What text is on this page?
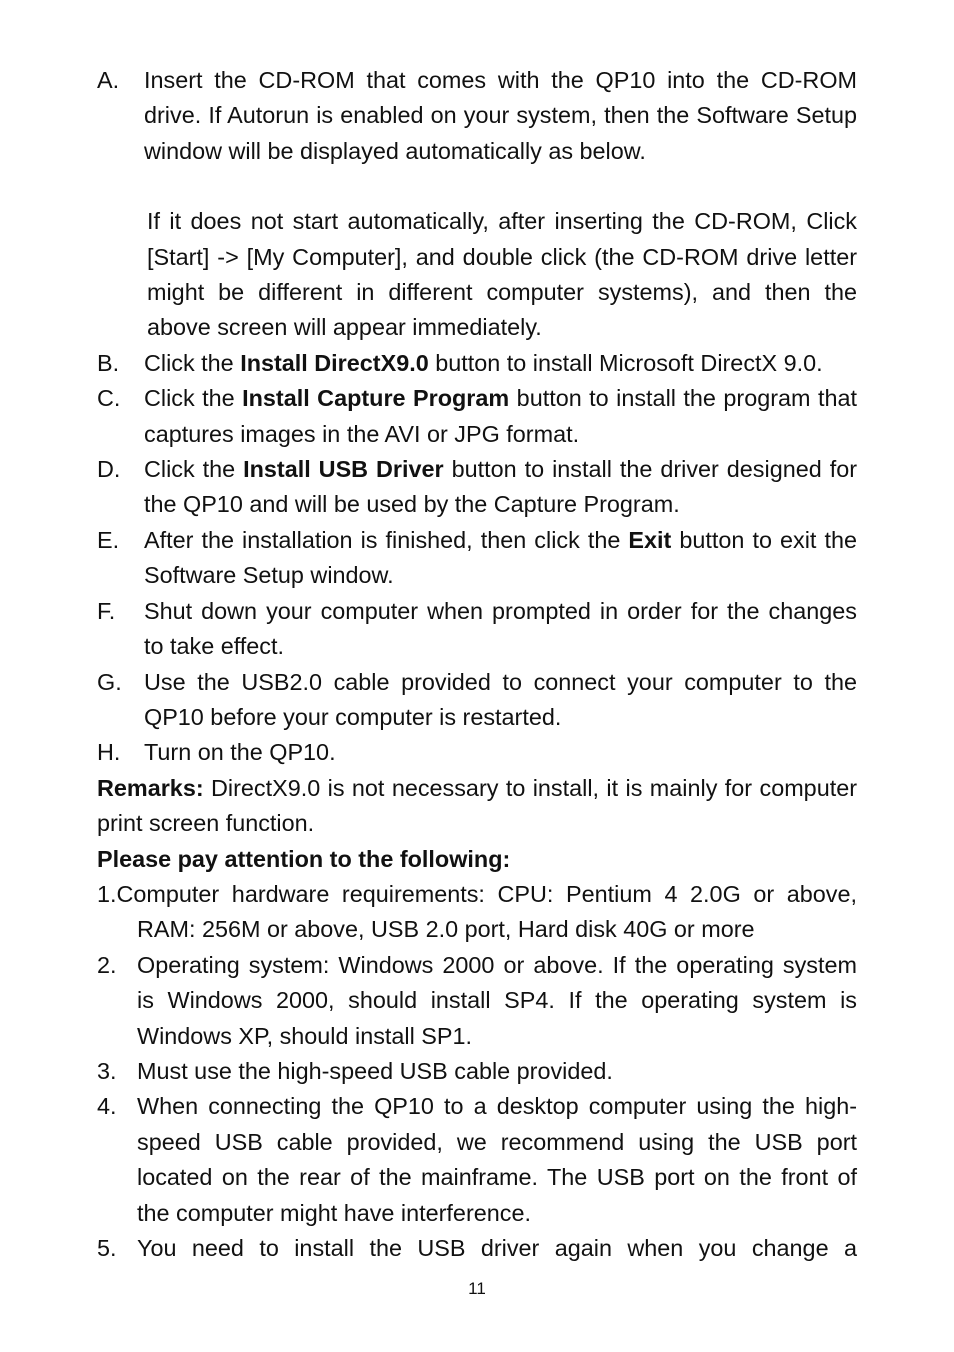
A.	Insert the CD-ROM that comes with the QP10 into the CD-ROM drive. If Autorun is enabled on your system, then the Software Setup window will be displayed automatically as below.
If it does not start automatically, after inserting the CD-ROM, Click [Start] -> [My Computer], and double click (the CD-ROM drive letter might be different in different computer systems), and then the above screen will appear immediately.
B.	Click the Install DirectX9.0 button to install Microsoft DirectX 9.0.
C.	Click the Install Capture Program button to install the program that captures images in the AVI or JPG format.
D.	Click the Install USB Driver button to install the driver designed for the QP10 and will be used by the Capture Program.
E.	After the installation is finished, then click the Exit button to exit the Software Setup window.
F.	Shut down your computer when prompted in order for the changes to take effect.
G. Use the USB2.0 cable provided to connect your computer to the QP10 before your computer is restarted.
H.	Turn on the QP10.
Remarks: DirectX9.0 is not necessary to install, it is mainly for computer print screen function.
Please pay attention to the following:
1.Computer hardware requirements: CPU: Pentium 4 2.0G or above, RAM: 256M or above, USB 2.0 port, Hard disk 40G or more
2. Operating system: Windows 2000 or above. If the operating system is Windows 2000, should install SP4. If the operating system is Windows XP, should install SP1.
3. Must use the high-speed USB cable provided.
4. When connecting the QP10 to a desktop computer using the high-speed USB cable provided, we recommend using the USB port located on the rear of the mainframe. The USB port on the front of the computer might have interference.
5. You need to install the USB driver again when you change a
11
